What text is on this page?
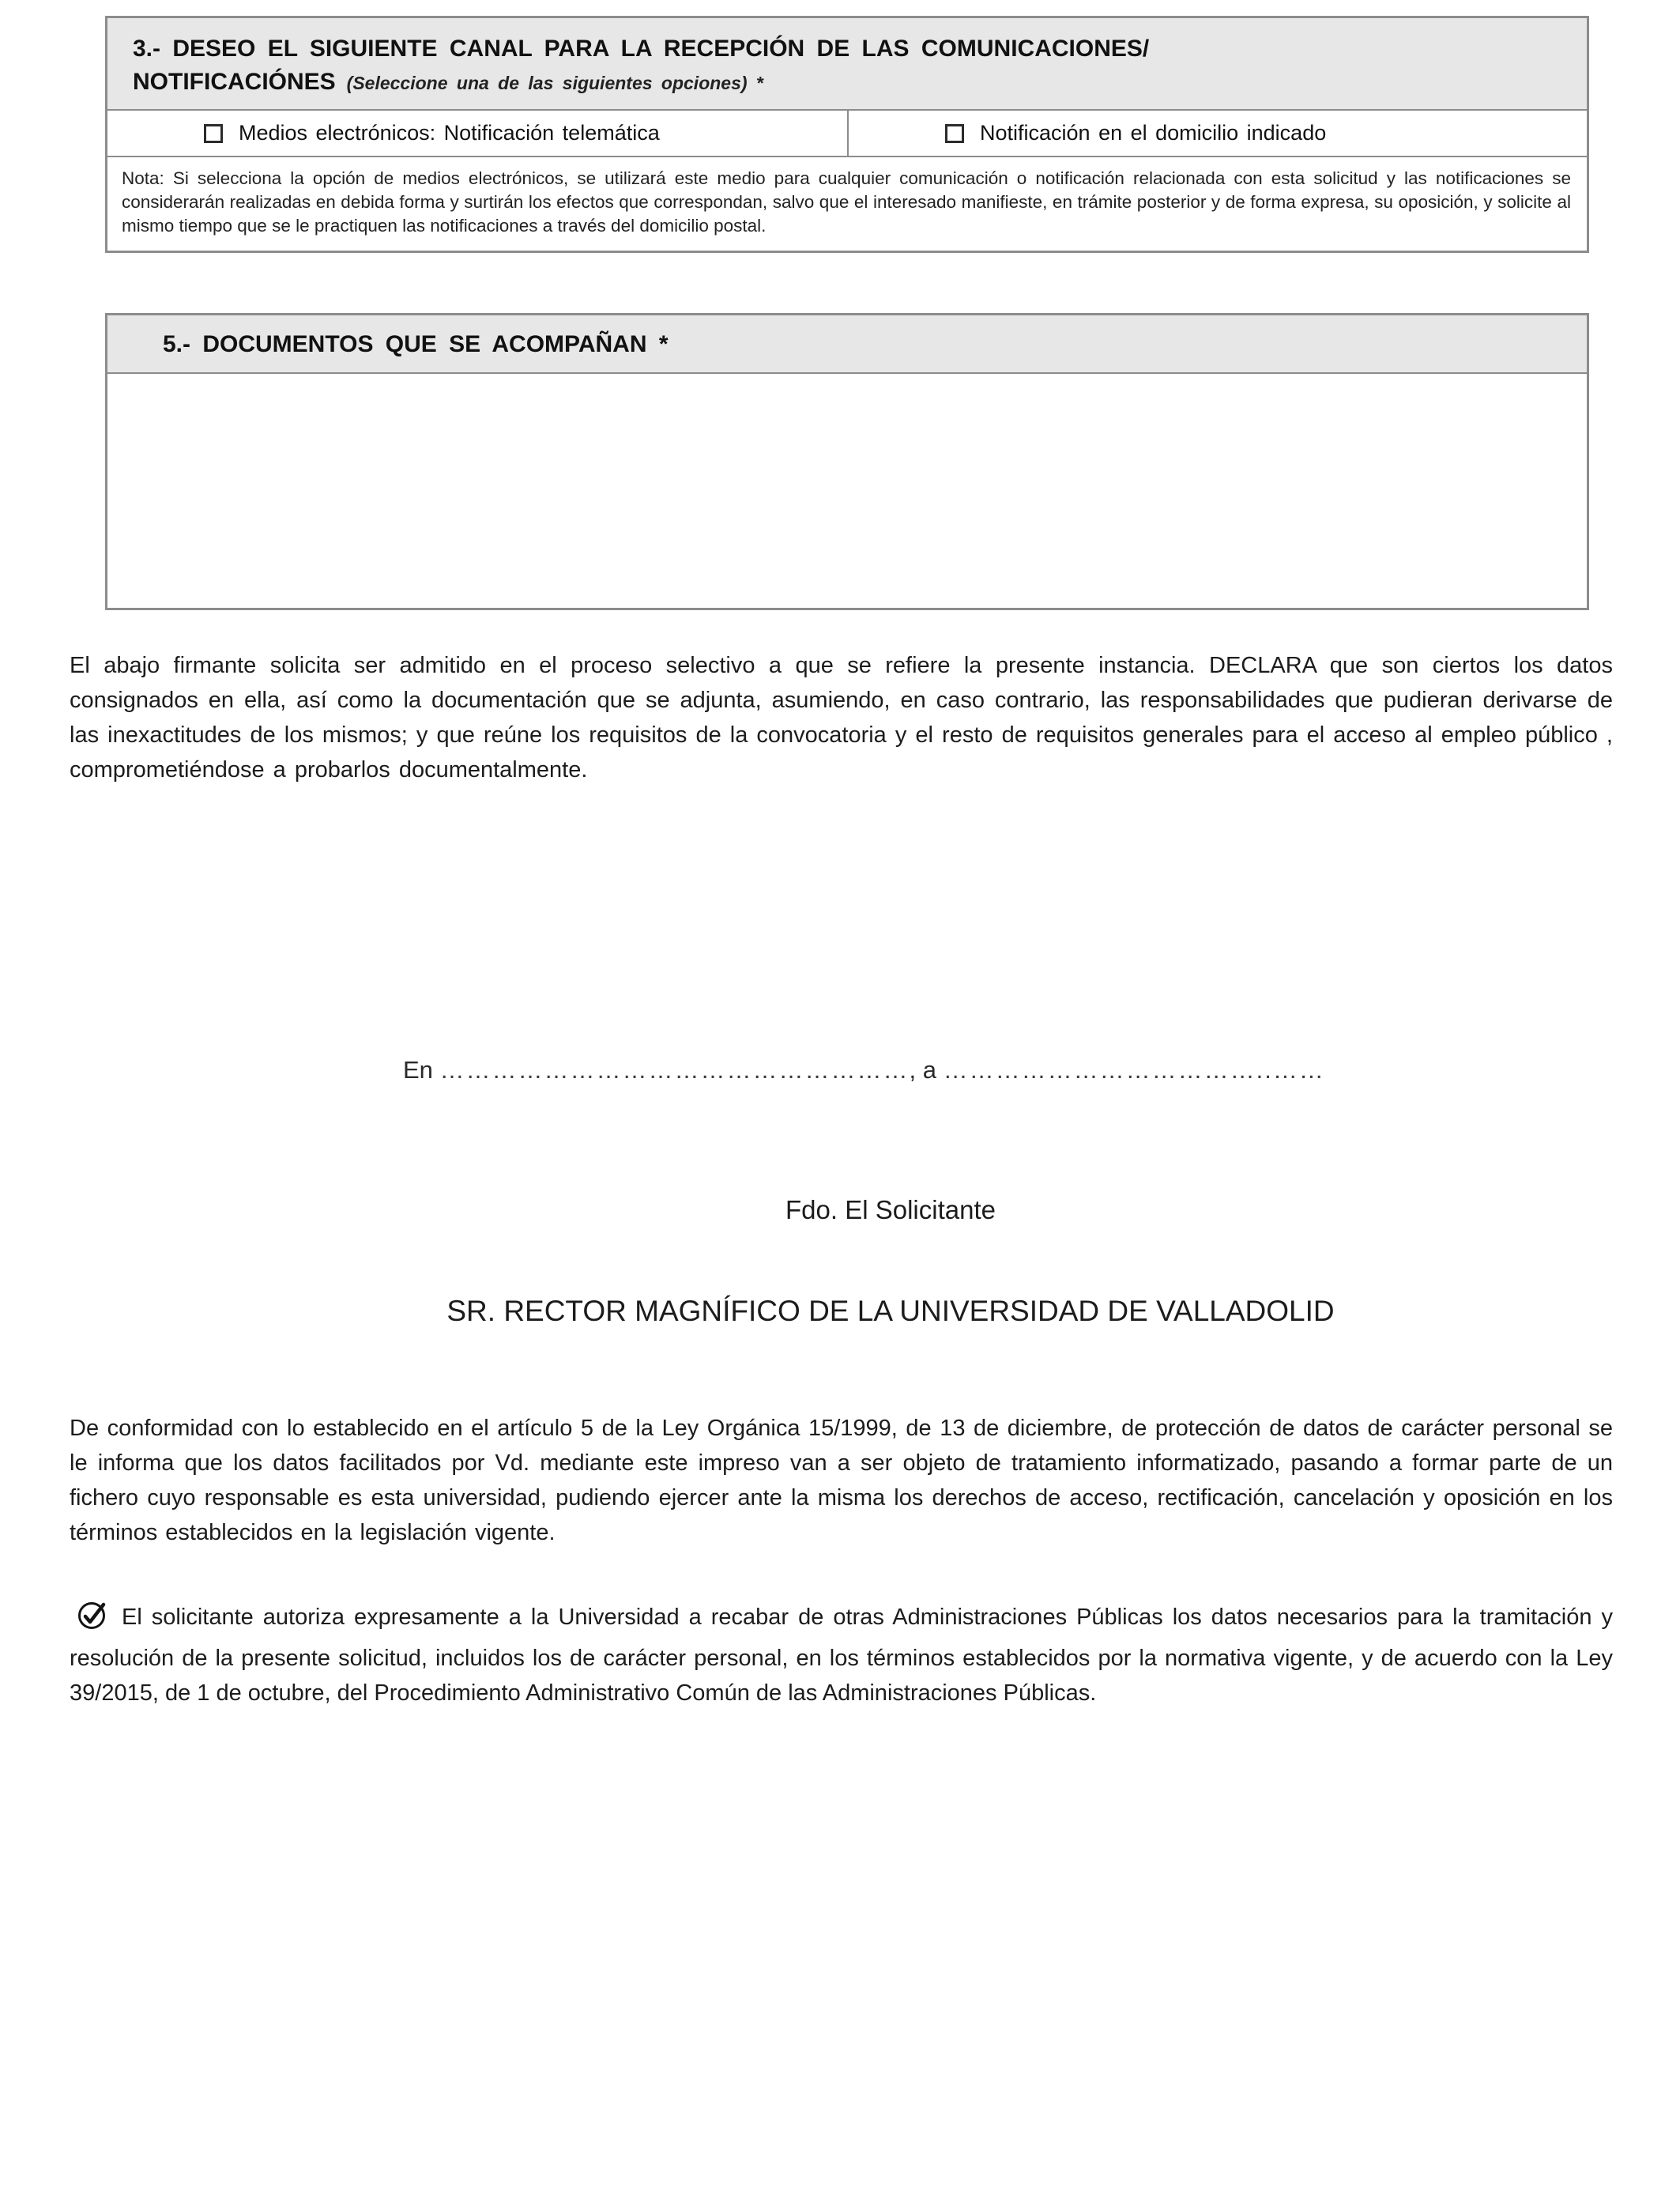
3.- DESEO EL SIGUIENTE CANAL PARA LA RECEPCIÓN DE LAS COMUNICACIONES/
NOTIFICACIÓNES (Seleccione una de las siguientes opciones) *
Medios electrónicos: Notificación telemática	Notificación en el domicilio indicado
Nota: Si selecciona la opción de medios electrónicos, se utilizará este medio para cualquier comunicación o notificación relacionada con esta solicitud y las notificaciones se considerarán realizadas en debida forma y surtirán los efectos que correspondan, salvo que el interesado manifieste, en trámite posterior y de forma expresa, su oposición, y solicite al mismo tiempo que se le practiquen las notificaciones a través del domicilio postal.
5.- DOCUMENTOS QUE SE ACOMPAÑAN *

El abajo firmante solicita ser admitido en el proceso selectivo a que se refiere la presente instancia. DECLARA que son ciertos los datos consignados en ella, así como la documentación que se adjunta, asumiendo, en caso contrario, las responsabilidades que pudieran derivarse de las inexactitudes de los mismos; y que reúne los requisitos de la convocatoria y el resto de requisitos generales para el acceso al empleo público , comprometiéndose a probarlos documentalmente.

En ………………………………………………, a ………………………………..……
Fdo. El Solicitante
SR. RECTOR MAGNÍFICO DE LA UNIVERSIDAD DE VALLADOLID

De conformidad con lo establecido en el artículo 5 de la Ley Orgánica 15/1999, de 13 de diciembre, de protección de datos de carácter personal se le informa que los datos facilitados por Vd. mediante este impreso van a ser objeto de tratamiento informatizado, pasando a formar parte de un fichero cuyo responsable es esta universidad, pudiendo ejercer ante la misma los derechos de acceso, rectificación, cancelación y oposición en los términos establecidos en la legislación vigente.

El solicitante autoriza expresamente a la Universidad a recabar de otras Administraciones Públicas los datos necesarios para la tramitación y resolución de la presente solicitud, incluidos los de carácter personal, en los términos establecidos por la normativa vigente, y de acuerdo con la Ley 39/2015, de 1 de octubre, del Procedimiento Administrativo Común de las Administraciones Públicas.
